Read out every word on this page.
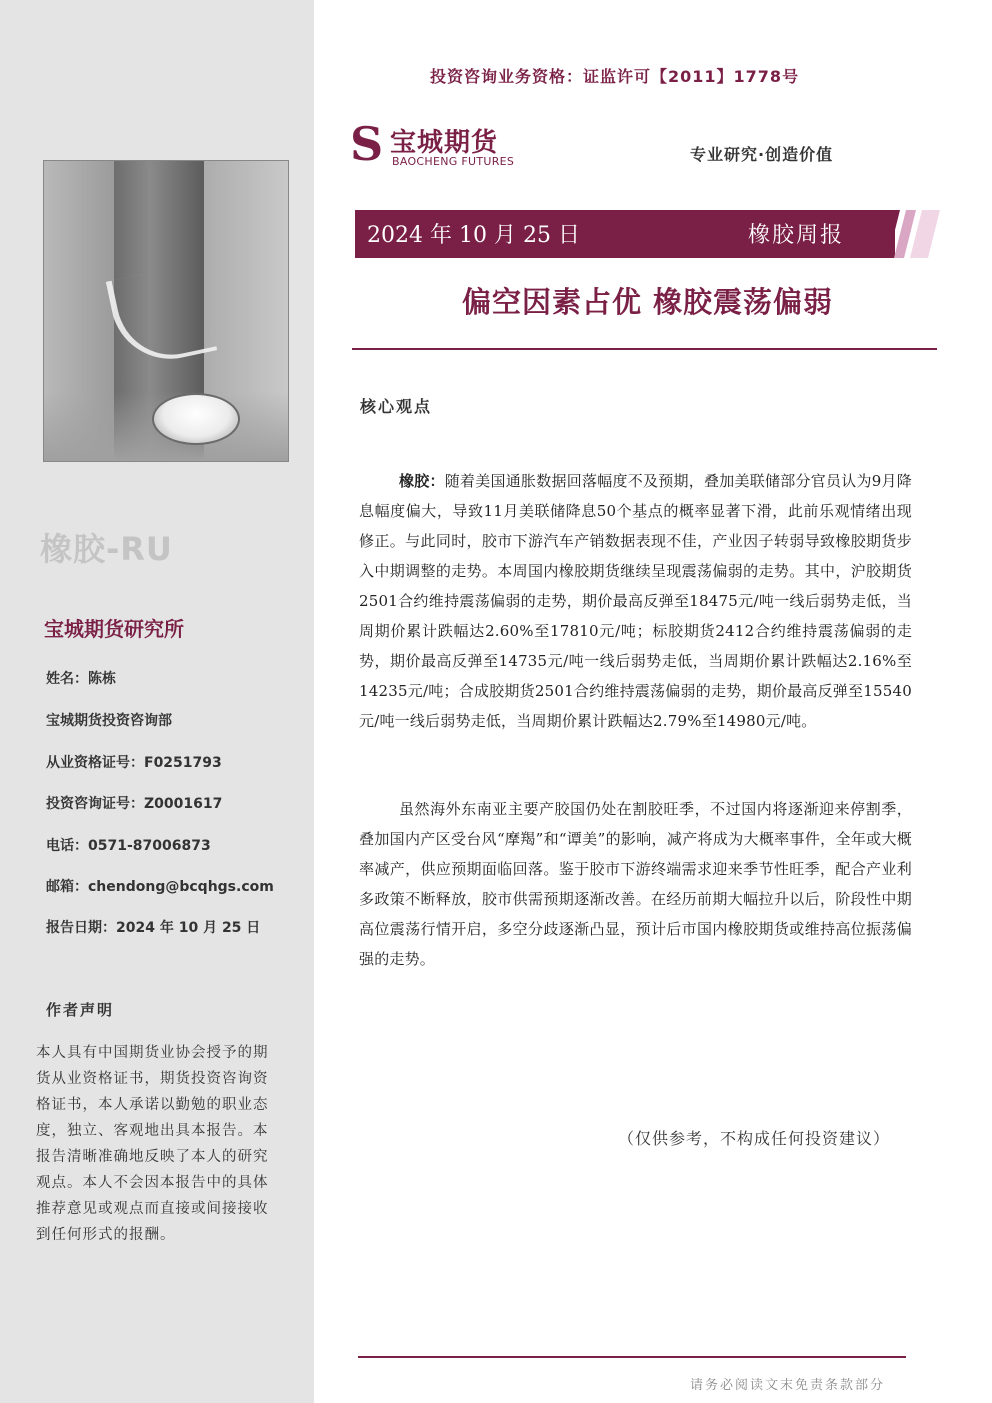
橡胶-RU
宝城期货研究所
姓名：陈栋
宝城期货投资咨询部
从业资格证号：F0251793
投资咨询证号：Z0001617
电话：0571-87006873
邮箱：chendong@bcqhgs.com
报告日期：2024 年 10 月 25 日
作者声明
本人具有中国期货业协会授予的期货从业资格证书，期货投资咨询资格证书，本人承诺以勤勉的职业态度，独立、客观地出具本报告。本报告清晰准确地反映了本人的研究观点。本人不会因本报告中的具体推荐意见或观点而直接或间接接收到任何形式的报酬。
投资咨询业务资格：证监许可【2011】1778号
S 宝城期货
BAOCHENG FUTURES	专业研究·创造价值
2024 年 10 月 25 日	橡胶周报
偏空因素占优 橡胶震荡偏弱
核心观点
橡胶：随着美国通胀数据回落幅度不及预期，叠加美联储部分官员认为9月降息幅度偏大，导致11月美联储降息50个基点的概率显著下滑，此前乐观情绪出现修正。与此同时，胶市下游汽车产销数据表现不佳，产业因子转弱导致橡胶期货步入中期调整的走势。本周国内橡胶期货继续呈现震荡偏弱的走势。其中，沪胶期货2501合约维持震荡偏弱的走势，期价最高反弹至18475元/吨一线后弱势走低，当周期价累计跌幅达2.60%至17810元/吨；标胶期货2412合约维持震荡偏弱的走势，期价最高反弹至14735元/吨一线后弱势走低，当周期价累计跌幅达2.16%至14235元/吨；合成胶期货2501合约维持震荡偏弱的走势，期价最高反弹至15540元/吨一线后弱势走低，当周期价累计跌幅达2.79%至14980元/吨。
虽然海外东南亚主要产胶国仍处在割胶旺季，不过国内将逐渐迎来停割季，叠加国内产区受台风“摩羯”和“谭美”的影响，减产将成为大概率事件，全年或大概率减产，供应预期面临回落。鉴于胶市下游终端需求迎来季节性旺季，配合产业利多政策不断释放，胶市供需预期逐渐改善。在经历前期大幅拉升以后，阶段性中期高位震荡行情开启，多空分歧逐渐凸显，预计后市国内橡胶期货或维持高位振荡偏强的走势。
（仅供参考，不构成任何投资建议）
请务必阅读文末免责条款部分
